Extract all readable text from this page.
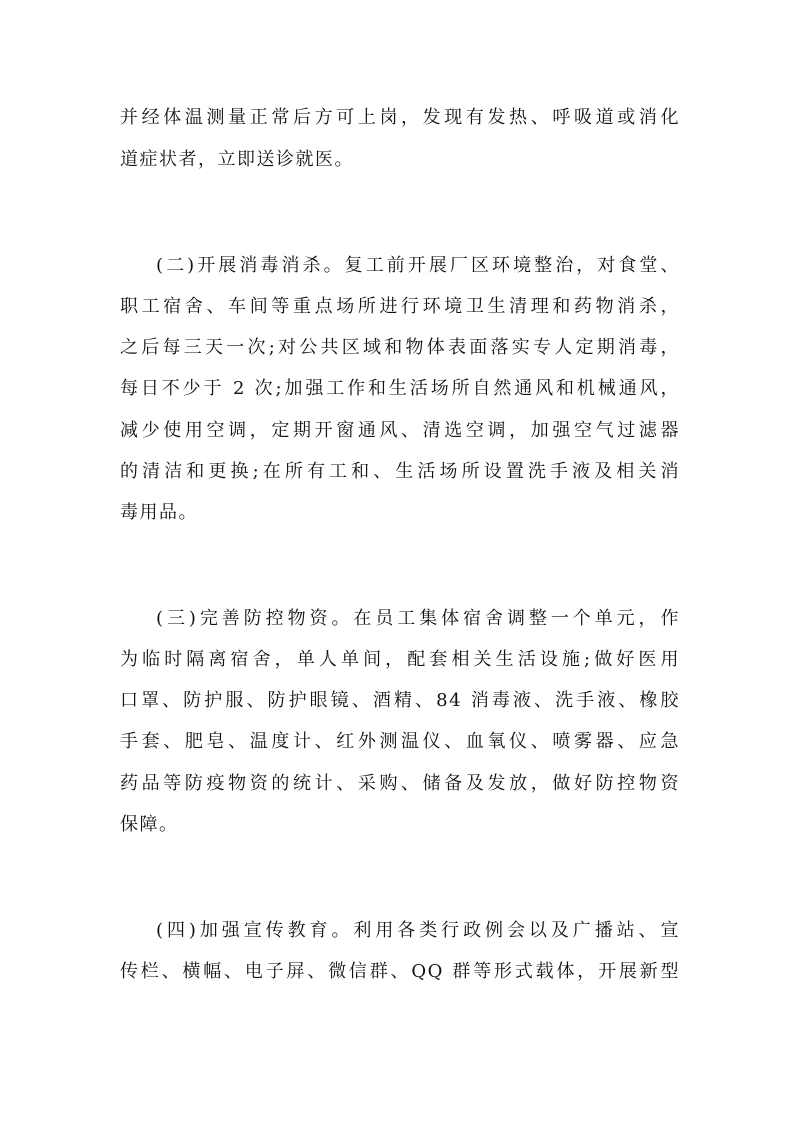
并经体温测量正常后方可上岗，发现有发热、呼吸道或消化

道症状者，立即送诊就医。

(二)开展消毒消杀。复工前开展厂区环境整治，对食堂、

职工宿舍、车间等重点场所进行环境卫生清理和药物消杀，

之后每三天一次;对公共区域和物体表面落实专人定期消毒，

每日不少于 2 次;加强工作和生活场所自然通风和机械通风，

减少使用空调，定期开窗通风、清选空调，加强空气过滤器

的清洁和更换;在所有工和、生活场所设置洗手液及相关消

毒用品。

(三)完善防控物资。在员工集体宿舍调整一个单元，作

为临时隔离宿舍，单人单间，配套相关生活设施;做好医用

口罩、防护服、防护眼镜、酒精、84 消毒液、洗手液、橡胶

手套、肥皂、温度计、红外测温仪、血氧仪、喷雾器、应急

药品等防疫物资的统计、采购、储备及发放，做好防控物资

保障。

(四)加强宣传教育。利用各类行政例会以及广播站、宣

传栏、横幅、电子屏、微信群、QQ 群等形式载体，开展新型
